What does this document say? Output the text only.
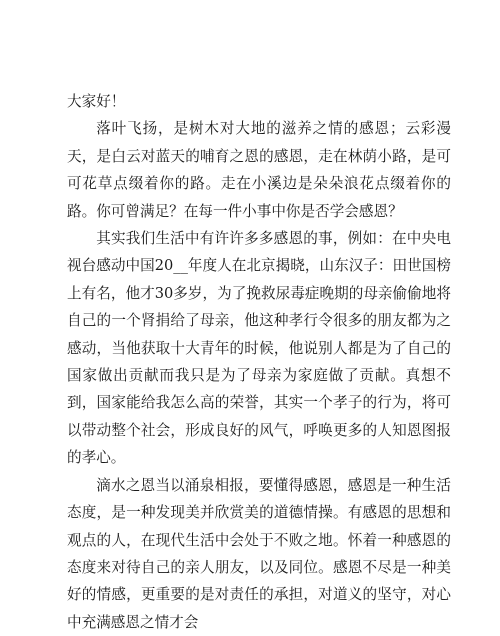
大家好！

落叶飞扬，是树木对大地的滋养之情的感恩；云彩漫天，是白云对蓝天的哺育之恩的感恩，走在林荫小路，是可可花草点缀着你的路。走在小溪边是朵朵浪花点缀着你的路。你可曾满足？在每一件小事中你是否学会感恩？

其实我们生活中有许许多多感恩的事，例如：在中央电视台感动中国20__年度人在北京揭晓，山东汉子：田世国榜上有名，他才30多岁，为了挽救尿毒症晚期的母亲偷偷地将自己的一个肾捐给了母亲，他这种孝行令很多的朋友都为之感动，当他获取十大青年的时候，他说别人都是为了自己的国家做出贡献而我只是为了母亲为家庭做了贡献。真想不到，国家能给我怎么高的荣誉，其实一个孝子的行为，将可以带动整个社会，形成良好的风气，呼唤更多的人知恩图报的孝心。

滴水之恩当以涌泉相报，要懂得感恩，感恩是一种生活态度，是一种发现美并欣赏美的道德情操。有感恩的思想和观点的人，在现代生活中会处于不败之地。怀着一种感恩的态度来对待自己的亲人朋友，以及同位。感恩不尽是一种美好的情感，更重要的是对责任的承担，对道义的坚守，对心中充满感恩之情才会
